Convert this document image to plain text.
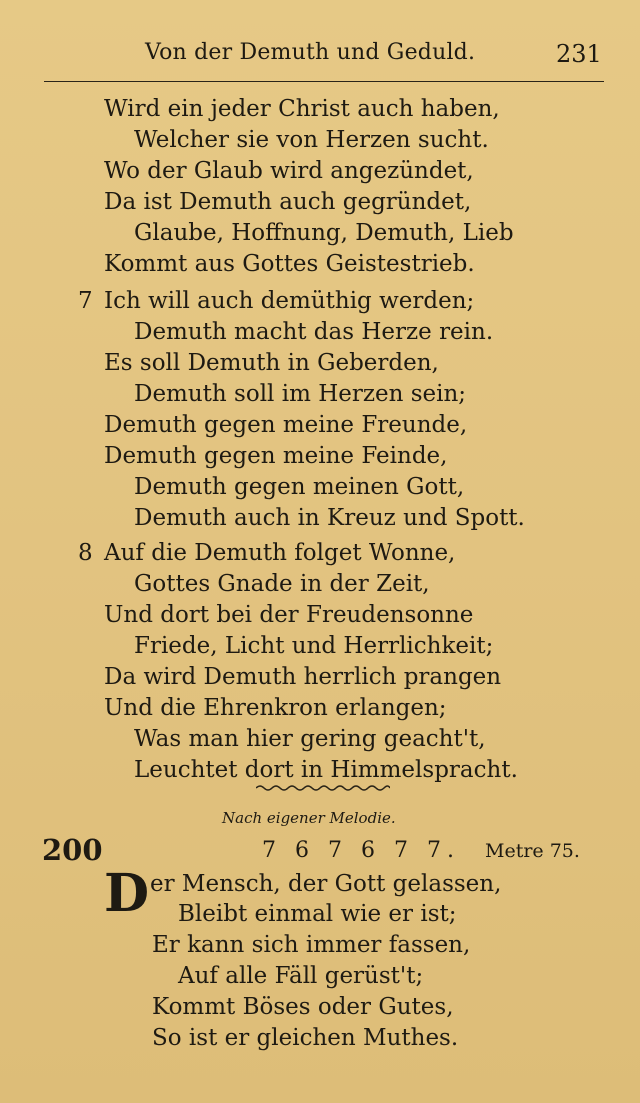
Von der Demuth und Geduld.	231
Wird ein jeder Christ auch haben,
Welcher sie von Herzen sucht.
Wo der Glaub wird angezündet,
Da ist Demuth auch gegründet,
Glaube, Hoffnung, Demuth, Lieb
Kommt aus Gottes Geistestrieb.
7 Ich will auch demüthig werden;
Demuth macht das Herze rein.
Es soll Demuth in Geberden,
Demuth soll im Herzen sein;
Demuth gegen meine Freunde,
Demuth gegen meine Feinde,
Demuth gegen meinen Gott,
Demuth auch in Kreuz und Spott.
8 Auf die Demuth folget Wonne,
Gottes Gnade in der Zeit,
Und dort bei der Freudensonne
Friede, Licht und Herrlichkeit;
Da wird Demuth herrlich prangen
Und die Ehrenkron erlangen;
Was man hier gering geacht't,
Leuchtet dort in Himmelspracht.
Nach eigener Melodie.
200	7 6 7 6 7 7. Metre 75.
D er Mensch, der Gott gelassen,
Bleibt einmal wie er ist;
Er kann sich immer fassen,
Auf alle Fäll gerüst't;
Kommt Böses oder Gutes,
So ist er gleichen Muthes.
